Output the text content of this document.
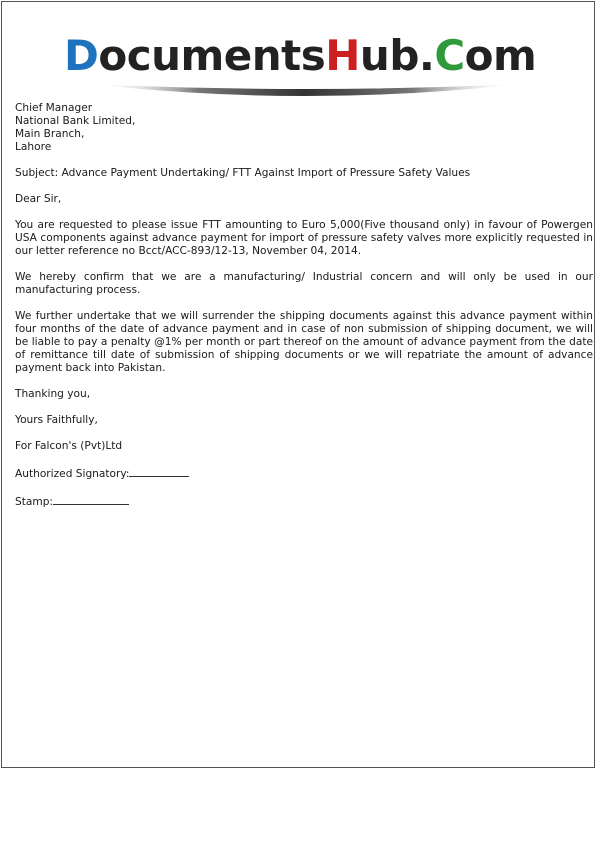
DocumentsHub.Com

Chief Manager

National Bank Limited,

Main Branch,

Lahore

Subject: Advance Payment Undertaking/ FTT Against Import of Pressure Safety Values

Dear Sir,

You are requested to please issue FTT amounting to Euro 5,000(Five thousand only) in favour of Powergen USA components against advance payment for import of pressure safety valves more explicitly requested in our letter reference no Bcct/ACC-893/12-13, November 04, 2014.

We hereby confirm that we are a manufacturing/ Industrial concern and will only be used in our manufacturing process.

We further undertake that we will surrender the shipping documents against this advance payment within four months of the date of advance payment and in case of non submission of shipping document, we will be liable to pay a penalty @1% per month or part thereof on the amount of advance payment from the date of remittance till date of submission of shipping documents or we will repatriate the amount of advance payment back into Pakistan.

Thanking you,

Yours Faithfully,

For Falcon's (Pvt)Ltd

Authorized Signatory:

Stamp:
